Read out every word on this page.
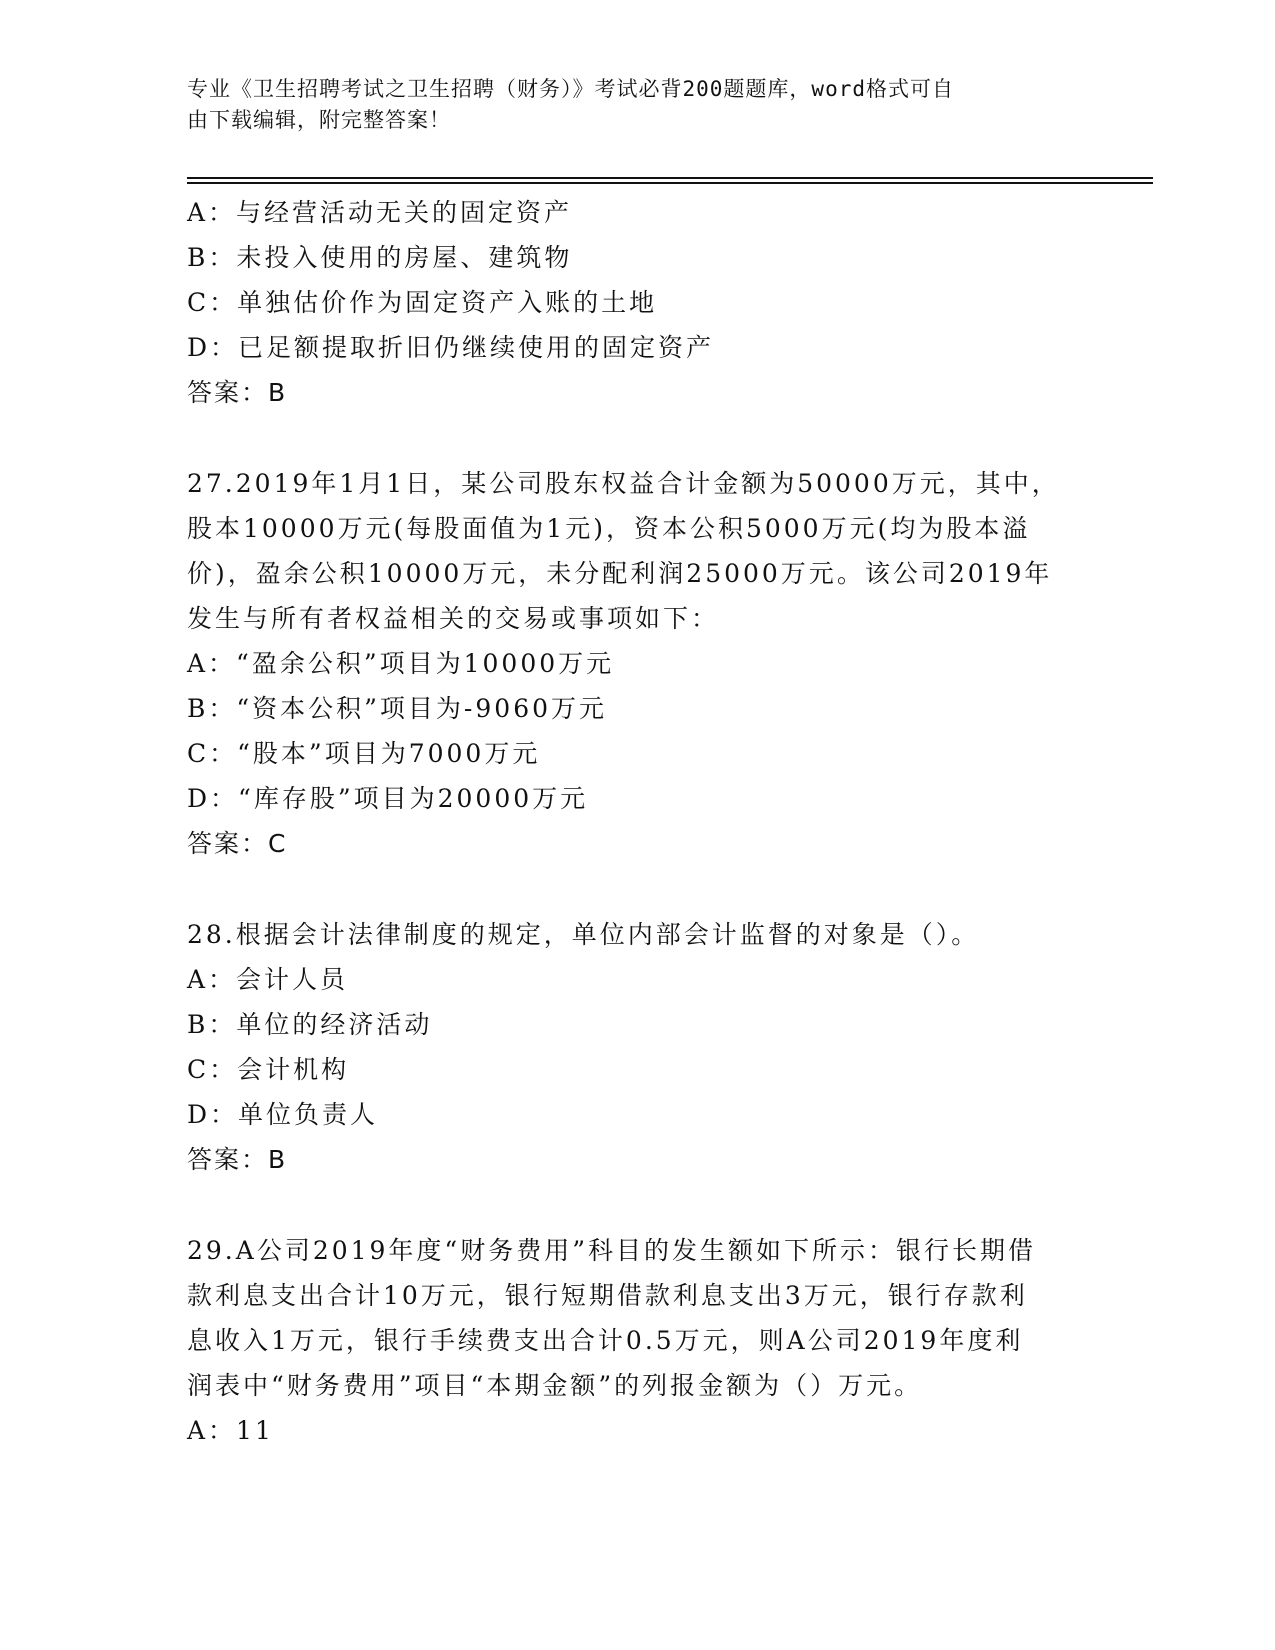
专业《卫生招聘考试之卫生招聘（财务）》考试必背200题题库，word格式可自
由下载编辑，附完整答案！
A：与经营活动无关的固定资产
B：未投入使用的房屋、建筑物
C：单独估价作为固定资产入账的土地
D：已足额提取折旧仍继续使用的固定资产
答案：B
27.2019年1月1日，某公司股东权益合计金额为50000万元，其中，
股本10000万元(每股面值为1元)，资本公积5000万元(均为股本溢
价)，盈余公积10000万元，未分配利润25000万元。该公司2019年
发生与所有者权益相关的交易或事项如下：
A：“盈余公积”项目为10000万元
B：“资本公积”项目为-9060万元
C：“股本”项目为7000万元
D：“库存股”项目为20000万元
答案：C
28.根据会计法律制度的规定，单位内部会计监督的对象是（）。
A：会计人员
B：单位的经济活动
C：会计机构
D：单位负责人
答案：B
29.A公司2019年度“财务费用”科目的发生额如下所示：银行长期借
款利息支出合计10万元，银行短期借款利息支出3万元，银行存款利
息收入1万元，银行手续费支出合计0.5万元，则A公司2019年度利
润表中“财务费用”项目“本期金额”的列报金额为（）万元。
A：11
